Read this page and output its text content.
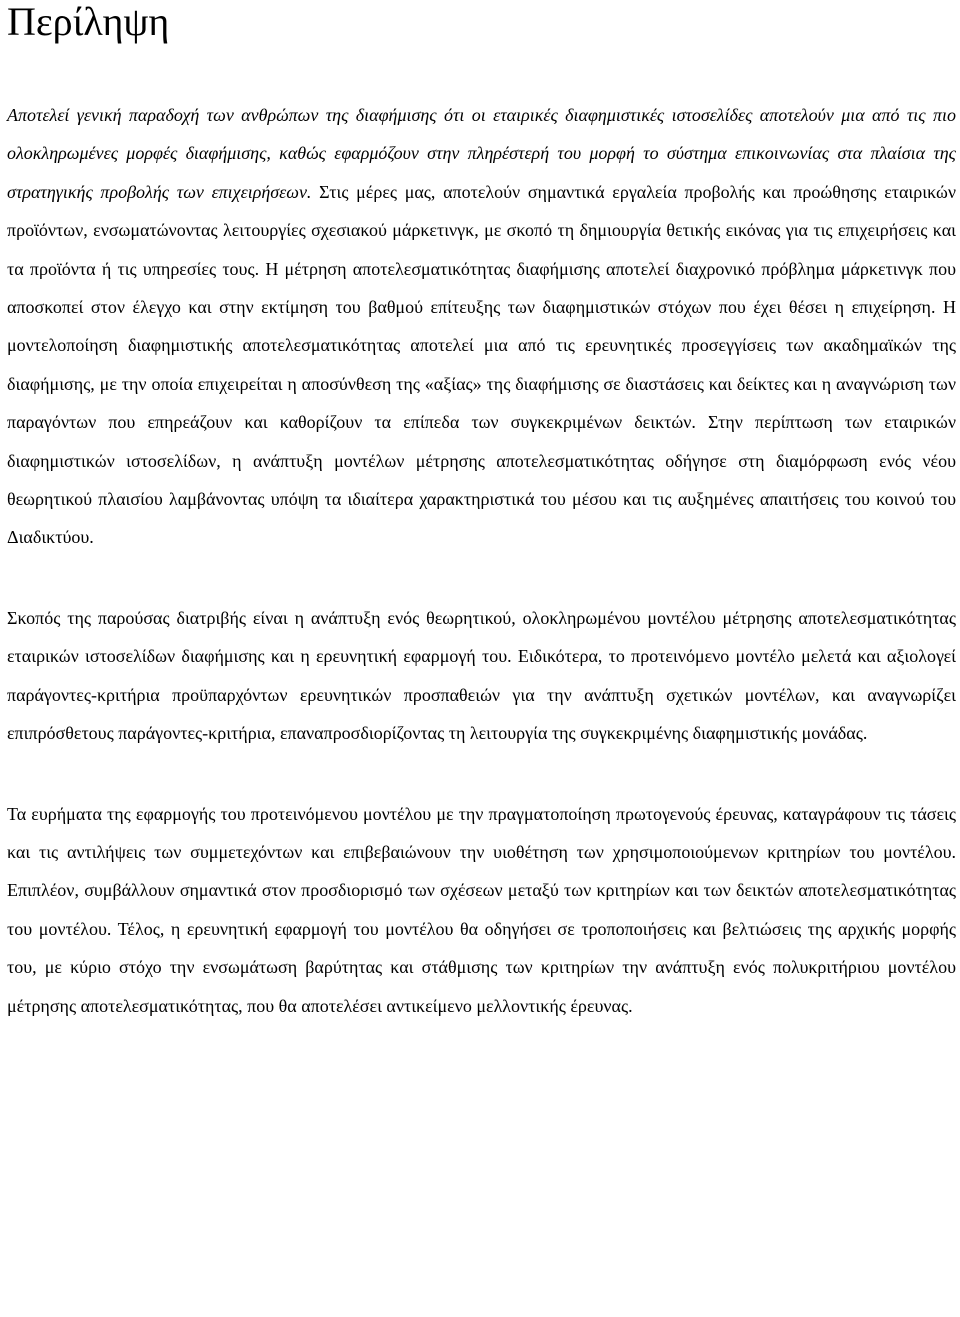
Περίληψη

Αποτελεί γενική παραδοχή των ανθρώπων της διαφήμισης ότι οι εταιρικές διαφημιστικές ιστοσελίδες αποτελούν μια από τις πιο ολοκληρωμένες μορφές διαφήμισης, καθώς εφαρμόζουν στην πληρέστερή του μορφή το σύστημα επικοινωνίας στα πλαίσια της στρατηγικής προβολής των επιχειρήσεων. Στις μέρες μας, αποτελούν σημαντικά εργαλεία προβολής και προώθησης εταιρικών προϊόντων, ενσωματώνοντας λειτουργίες σχεσιακού μάρκετινγκ, με σκοπό τη δημιουργία θετικής εικόνας για τις επιχειρήσεις και τα προϊόντα ή τις υπηρεσίες τους. Η μέτρηση αποτελεσματικότητας διαφήμισης αποτελεί διαχρονικό πρόβλημα μάρκετινγκ που αποσκοπεί στον έλεγχο και στην εκτίμηση του βαθμού επίτευξης των διαφημιστικών στόχων που έχει θέσει η επιχείρηση. Η μοντελοποίηση διαφημιστικής αποτελεσματικότητας αποτελεί μια από τις ερευνητικές προσεγγίσεις των ακαδημαϊκών της διαφήμισης, με την οποία επιχειρείται η αποσύνθεση της «αξίας» της διαφήμισης σε διαστάσεις και δείκτες και η αναγνώριση των παραγόντων που επηρεάζουν και καθορίζουν τα επίπεδα των συγκεκριμένων δεικτών. Στην περίπτωση των εταιρικών διαφημιστικών ιστοσελίδων, η ανάπτυξη μοντέλων μέτρησης αποτελεσματικότητας οδήγησε στη διαμόρφωση ενός νέου θεωρητικού πλαισίου λαμβάνοντας υπόψη τα ιδιαίτερα χαρακτηριστικά του μέσου και τις αυξημένες απαιτήσεις του κοινού του Διαδικτύου.

Σκοπός της παρούσας διατριβής είναι η ανάπτυξη ενός θεωρητικού, ολοκληρωμένου μοντέλου μέτρησης αποτελεσματικότητας εταιρικών ιστοσελίδων διαφήμισης και η ερευνητική εφαρμογή του. Ειδικότερα, το προτεινόμενο μοντέλο μελετά και αξιολογεί παράγοντες-κριτήρια προϋπαρχόντων ερευνητικών προσπαθειών για την ανάπτυξη σχετικών μοντέλων, και αναγνωρίζει επιπρόσθετους παράγοντες-κριτήρια, επαναπροσδιορίζοντας τη λειτουργία της συγκεκριμένης διαφημιστικής μονάδας.

Τα ευρήματα της εφαρμογής του προτεινόμενου μοντέλου με την πραγματοποίηση πρωτογενούς έρευνας, καταγράφουν τις τάσεις και τις αντιλήψεις των συμμετεχόντων και επιβεβαιώνουν την υιοθέτηση των χρησιμοποιούμενων κριτηρίων του μοντέλου. Επιπλέον, συμβάλλουν σημαντικά στον προσδιορισμό των σχέσεων μεταξύ των κριτηρίων και των δεικτών αποτελεσματικότητας του μοντέλου. Τέλος, η ερευνητική εφαρμογή του μοντέλου θα οδηγήσει σε τροποποιήσεις και βελτιώσεις της αρχικής μορφής του, με κύριο στόχο την ενσωμάτωση βαρύτητας και στάθμισης των κριτηρίων την ανάπτυξη ενός πολυκριτήριου μοντέλου μέτρησης αποτελεσματικότητας, που θα αποτελέσει αντικείμενο μελλοντικής έρευνας.
